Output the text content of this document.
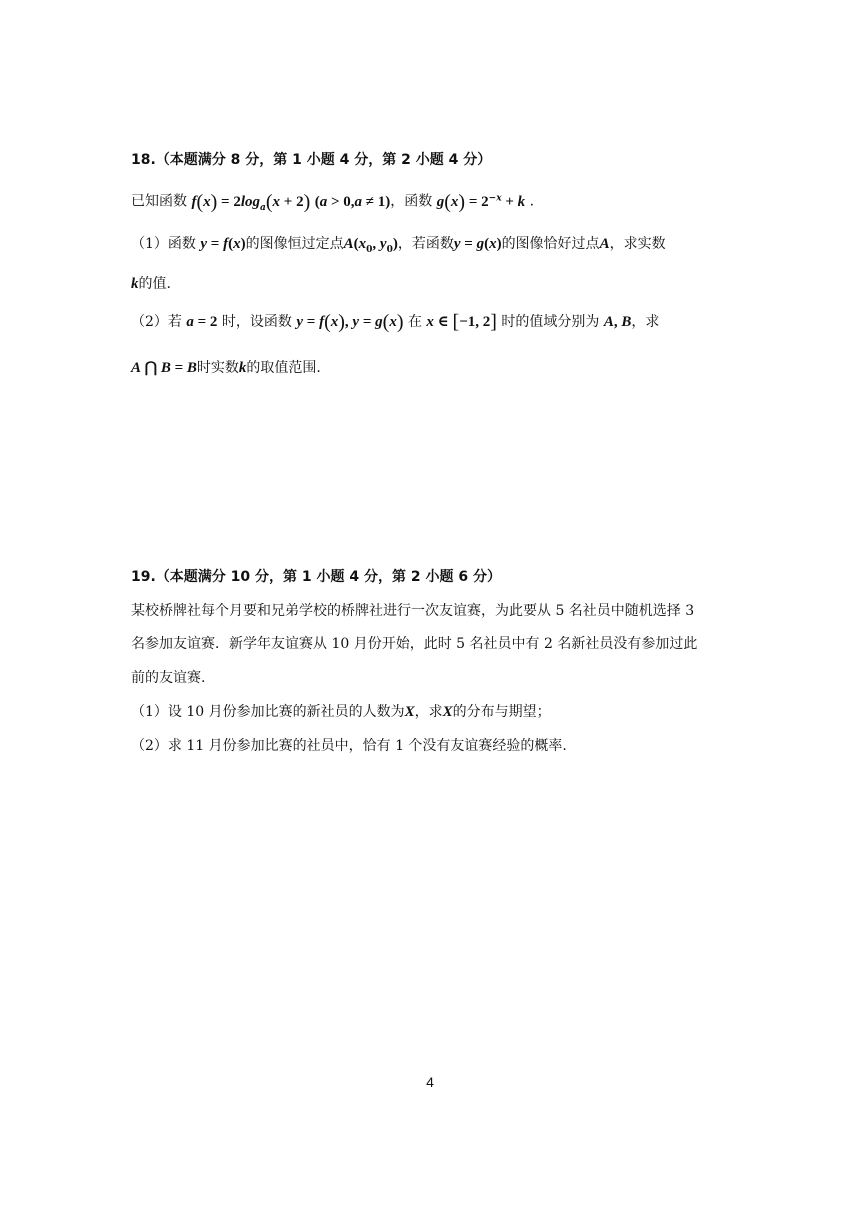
18.（本题满分 8 分，第 1 小题 4 分，第 2 小题 4 分）
已知函数 $f(x) = 2\log_a(x + 2) (a > 0,a \ne 1)$，函数 $g(x) = 2^{-x} + k$ .
（1）函数 y = f(x)的图像恒过定点$A(x_0$, $y_0$)，若函数y = g(x)的图像恰好过点A，求实数
k的值.
（2）若 a = 2 时，设函数 y = f(x), y = g(x) 在 x ∈ [−1, 2] 时的值域分别为 A, B，求
A ⋂ B = B时实数k的取值范围.
19.（本题满分 10 分，第 1 小题 4 分，第 2 小题 6 分）
某校桥牌社每个月要和兄弟学校的桥牌社进行一次友谊赛，为此要从 5 名社员中随机选择 3
名参加友谊赛．新学年友谊赛从 10 月份开始，此时 5 名社员中有 2 名新社员没有参加过此
前的友谊赛.
（1）设 10 月份参加比赛的新社员的人数为X，求X的分布与期望；
（2）求 11 月份参加比赛的社员中，恰有 1 个没有友谊赛经验的概率.
4
